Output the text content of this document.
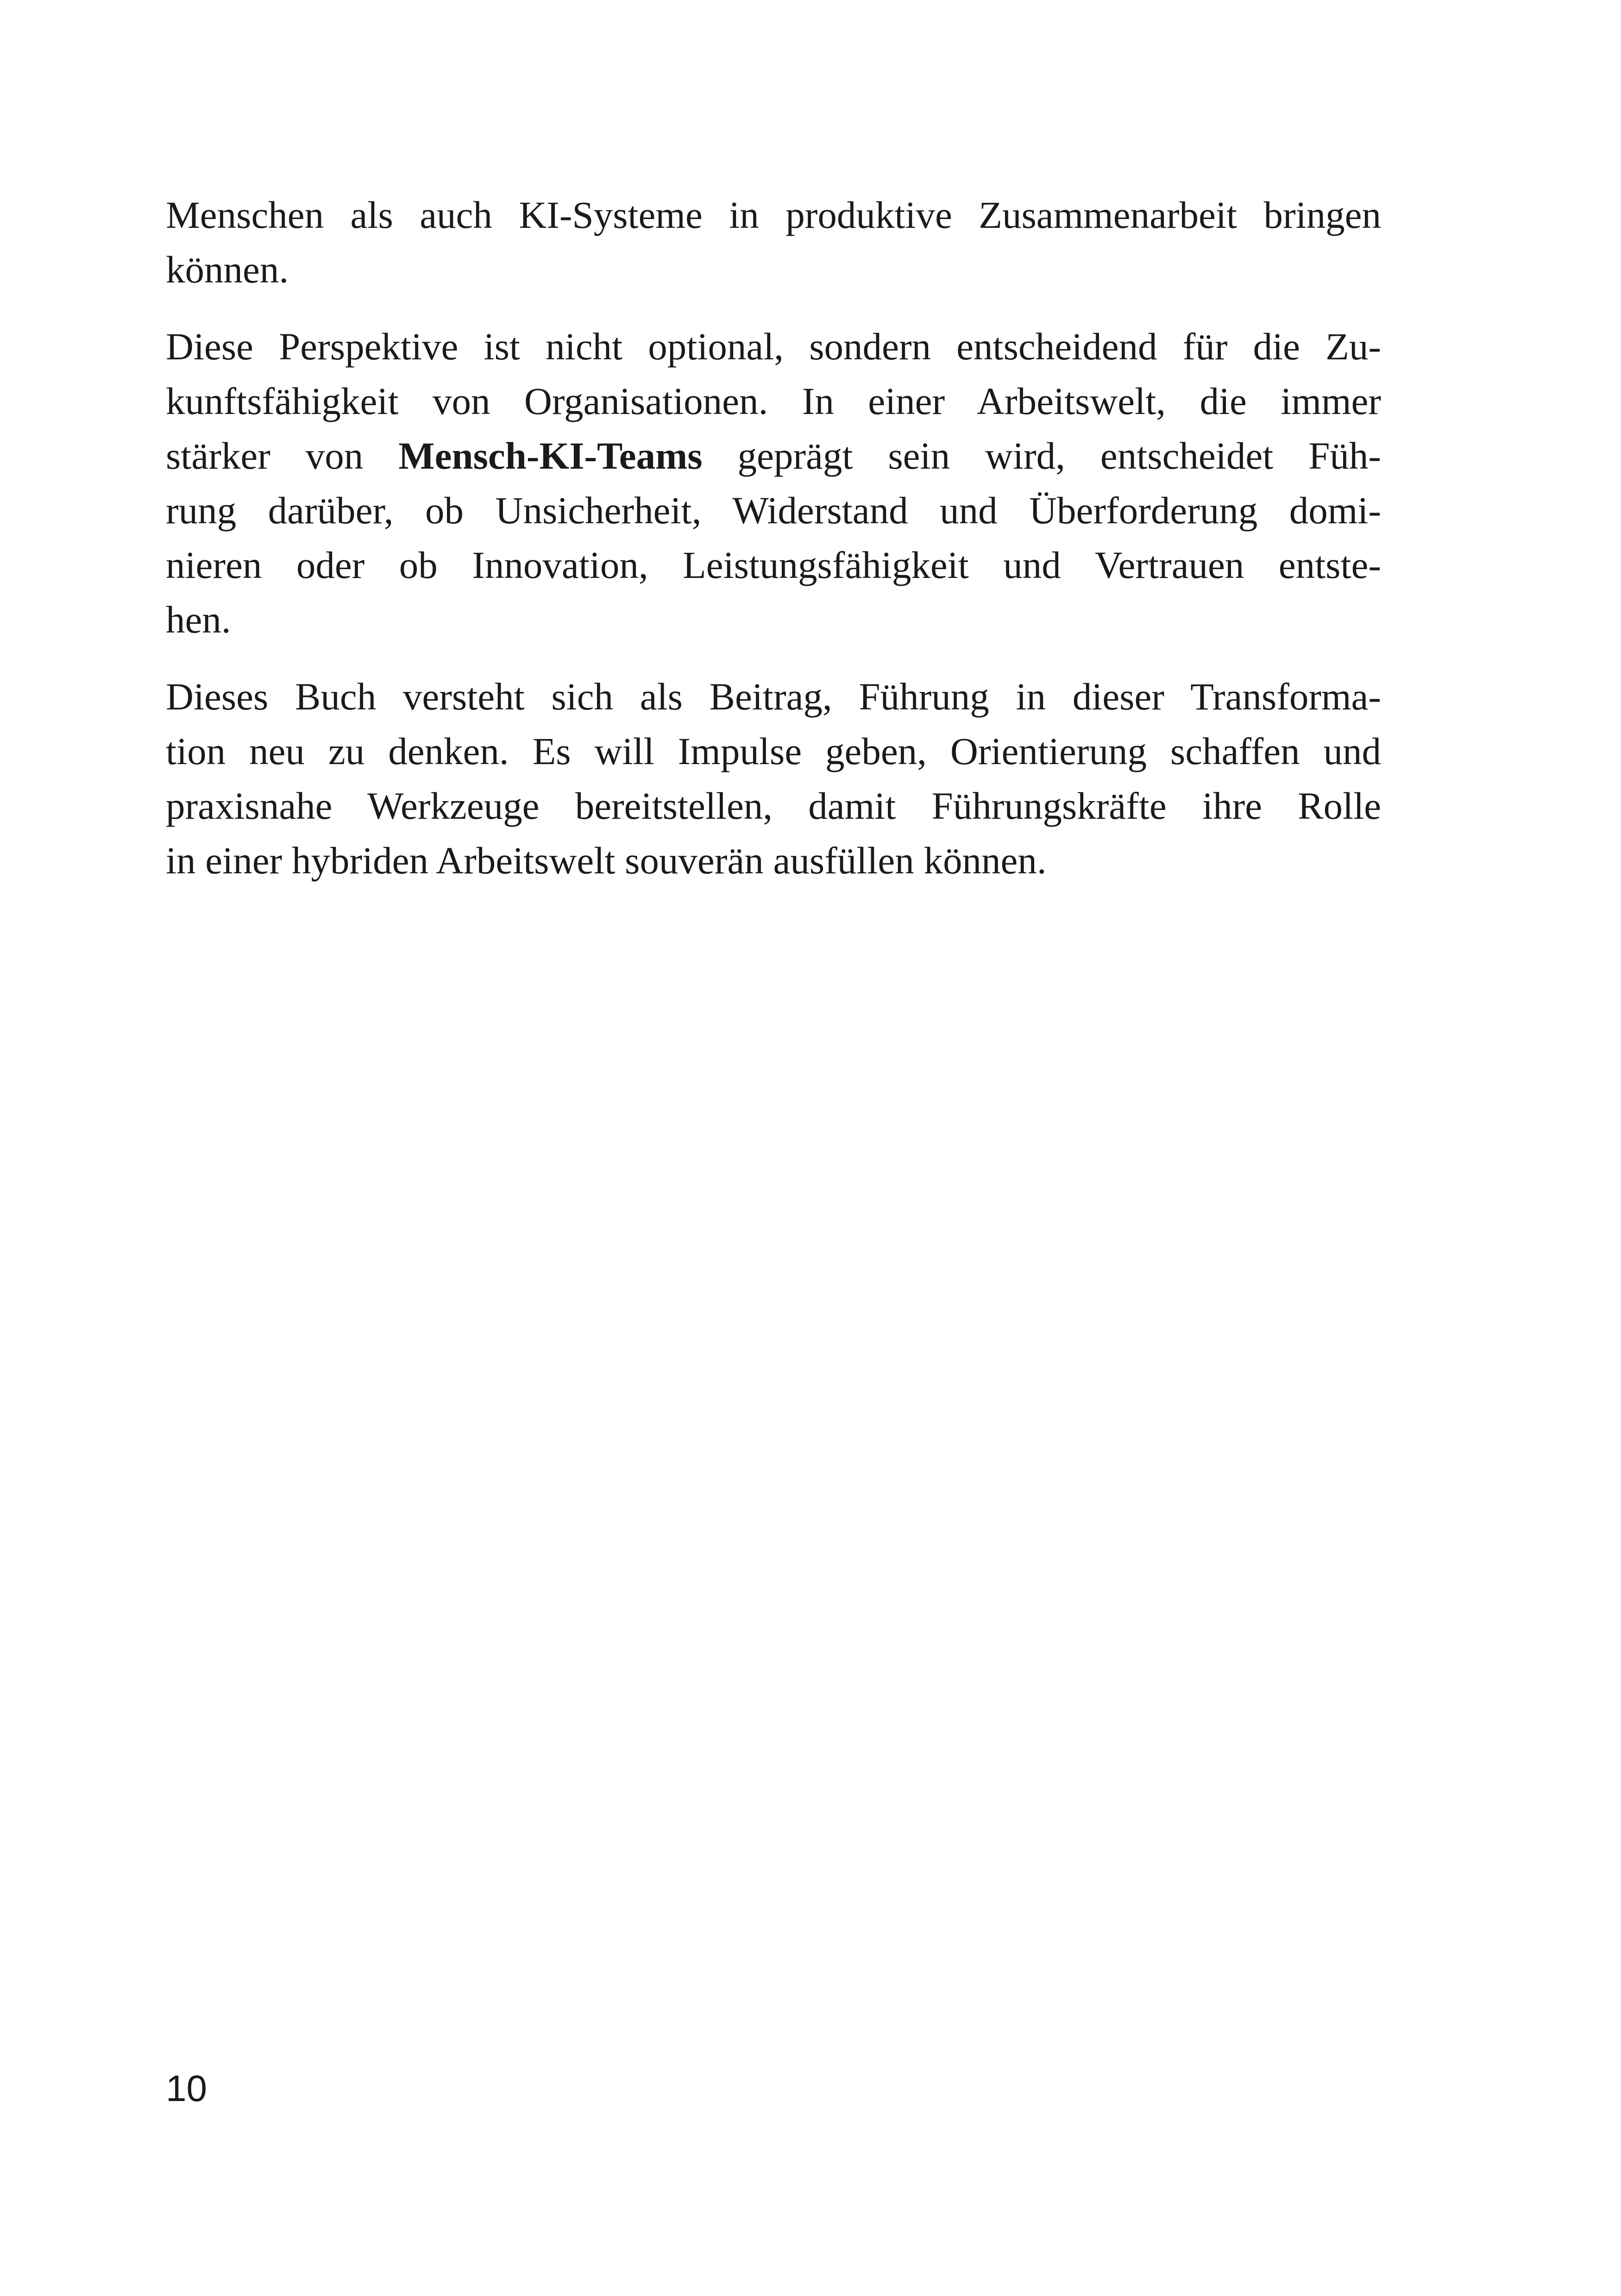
Menschen als auch KI-Systeme in produktive Zusammenarbeit bringen
können.

Diese Perspektive ist nicht optional, sondern entscheidend für die Zu-
kunftsfähigkeit von Organisationen. In einer Arbeitswelt, die immer
stärker von Mensch-KI-Teams geprägt sein wird, entscheidet Füh-
rung darüber, ob Unsicherheit, Widerstand und Überforderung domi-
nieren oder ob Innovation, Leistungsfähigkeit und Vertrauen entste-
hen.

Dieses Buch versteht sich als Beitrag, Führung in dieser Transforma-
tion neu zu denken. Es will Impulse geben, Orientierung schaffen und
praxisnahe Werkzeuge bereitstellen, damit Führungskräfte ihre Rolle
in einer hybriden Arbeitswelt souverän ausfüllen können.

10
